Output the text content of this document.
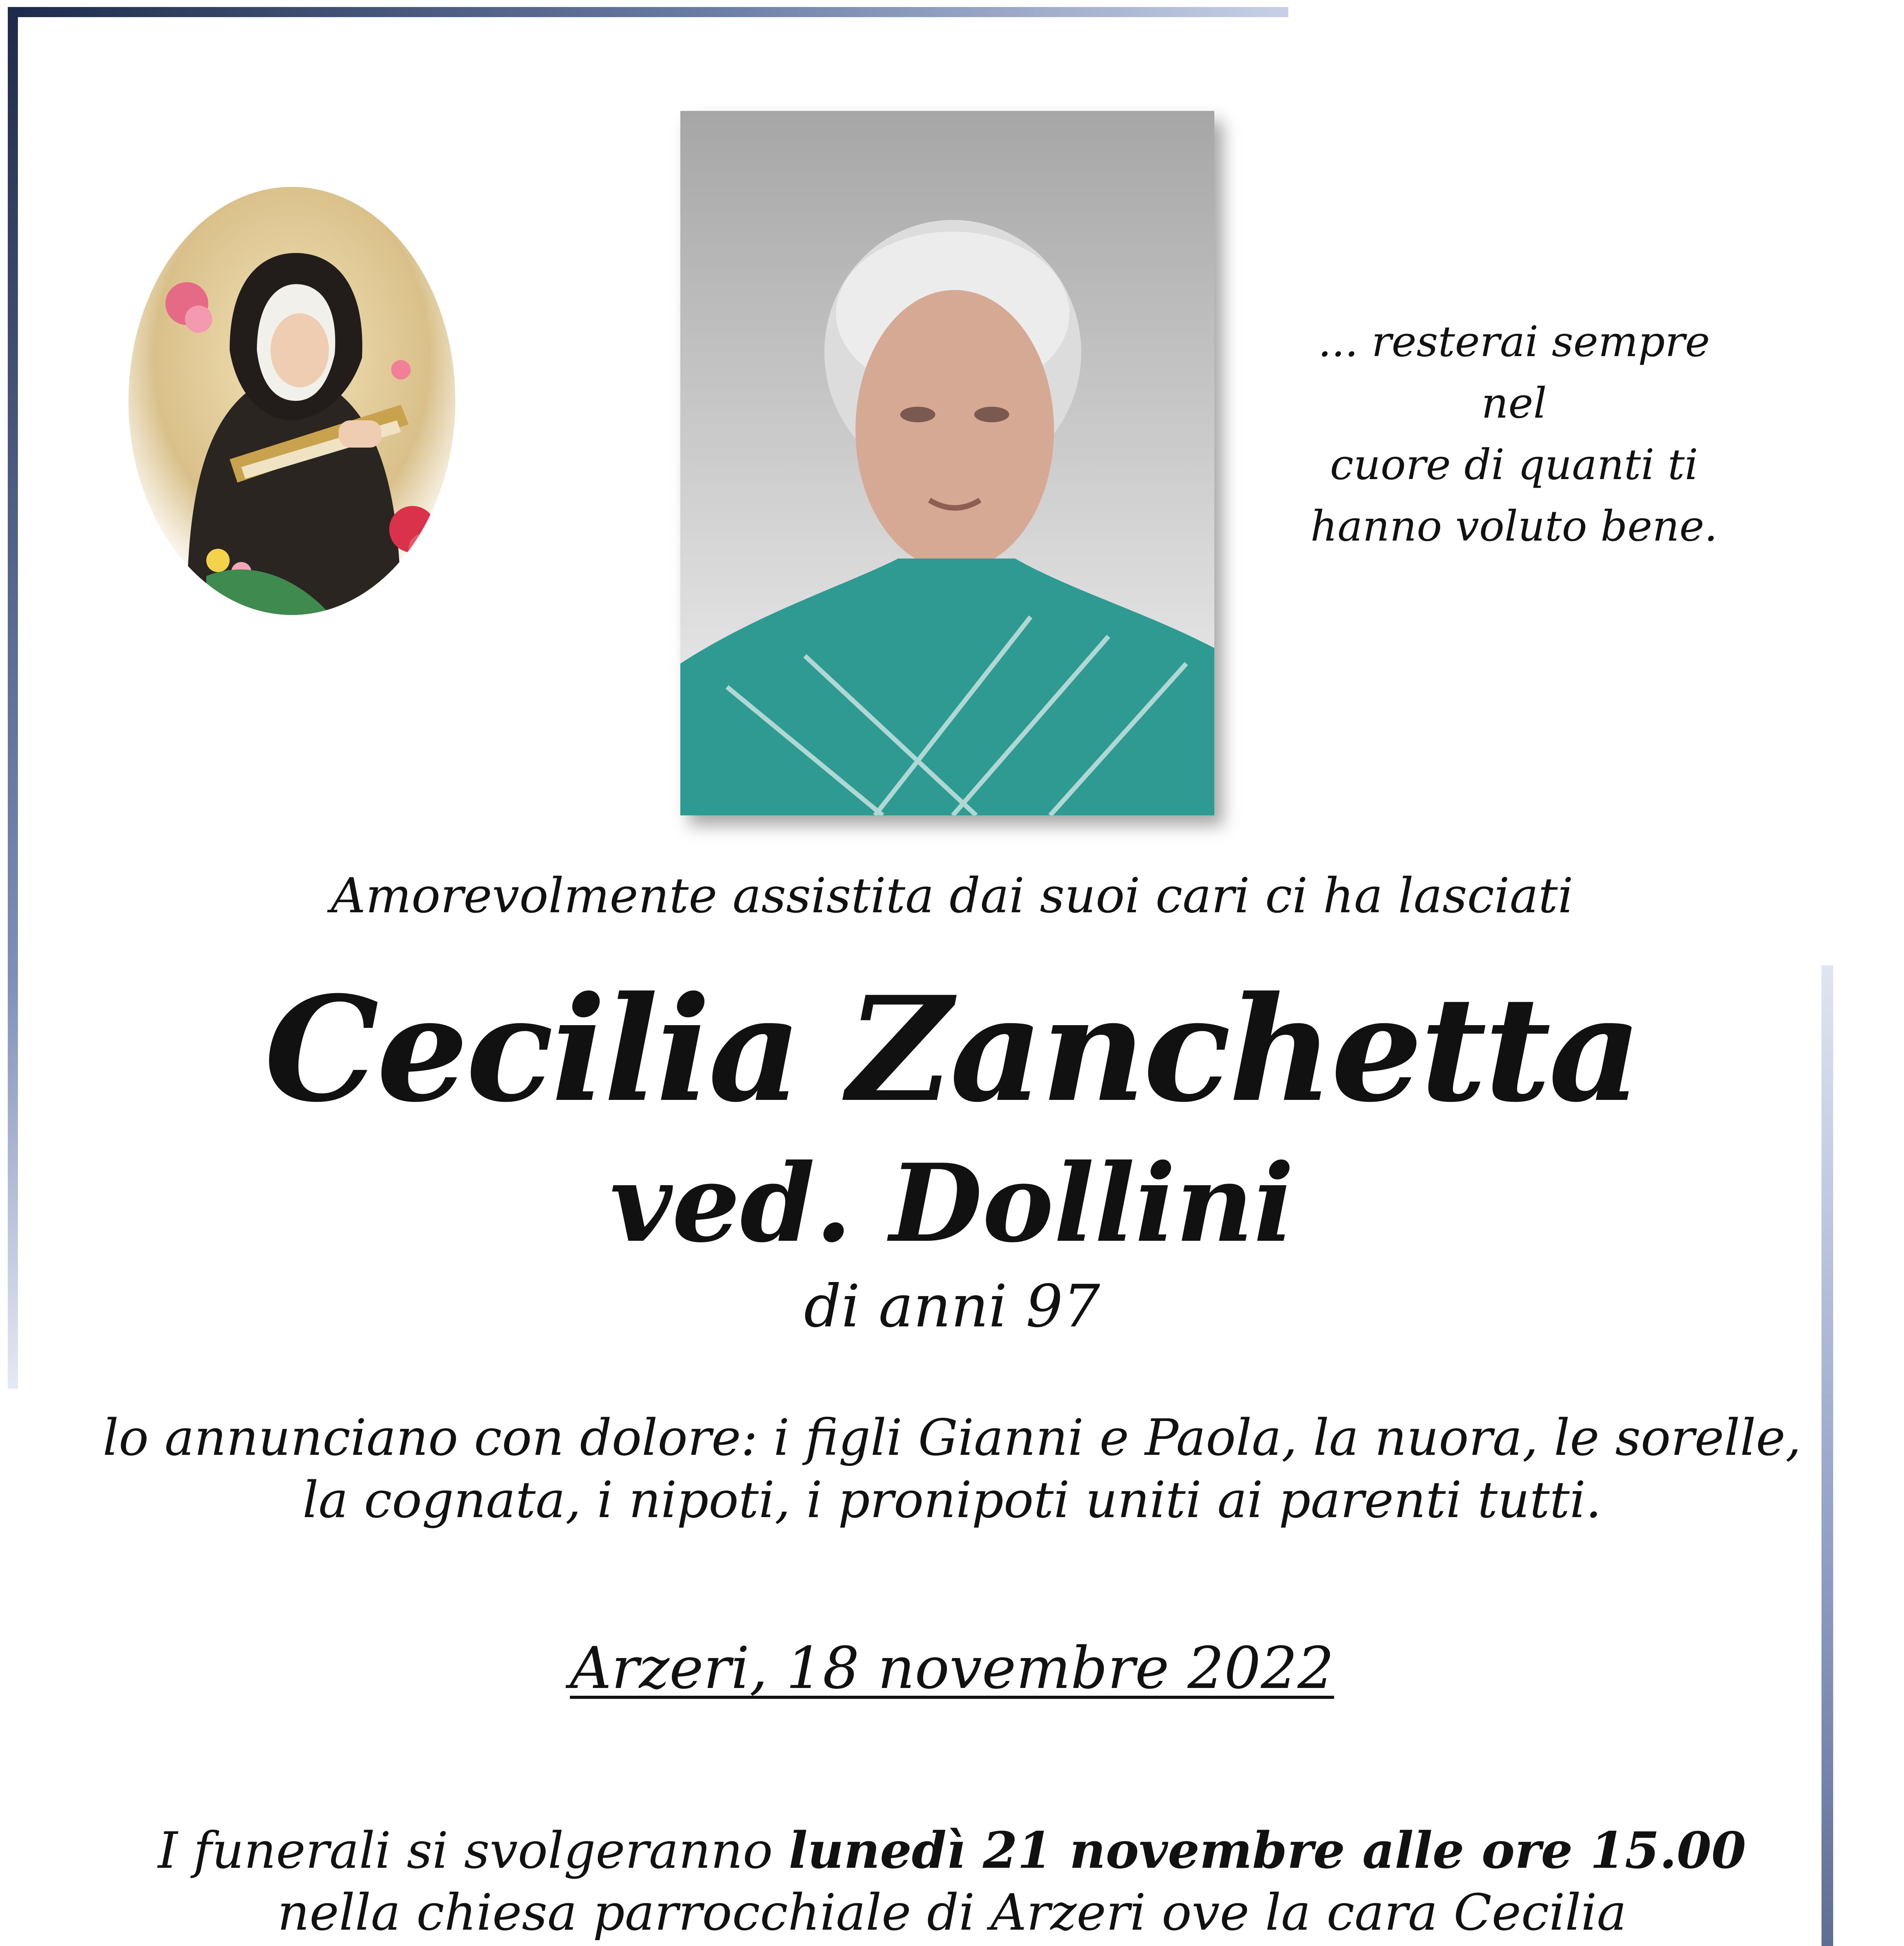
... resterai sempre nel
cuore di quanti ti
hanno voluto bene.
Amorevolmente assistita dai suoi cari ci ha lasciati
Cecilia Zanchetta
ved. Dollini
di anni 97
lo annunciano con dolore: i figli Gianni e Paola, la nuora, le sorelle,
la cognata, i nipoti, i pronipoti uniti ai parenti tutti.
Arzeri, 18 novembre 2022
I funerali si svolgeranno lunedì 21 novembre alle ore 15.00
nella chiesa parrocchiale di Arzeri ove la cara Cecilia
